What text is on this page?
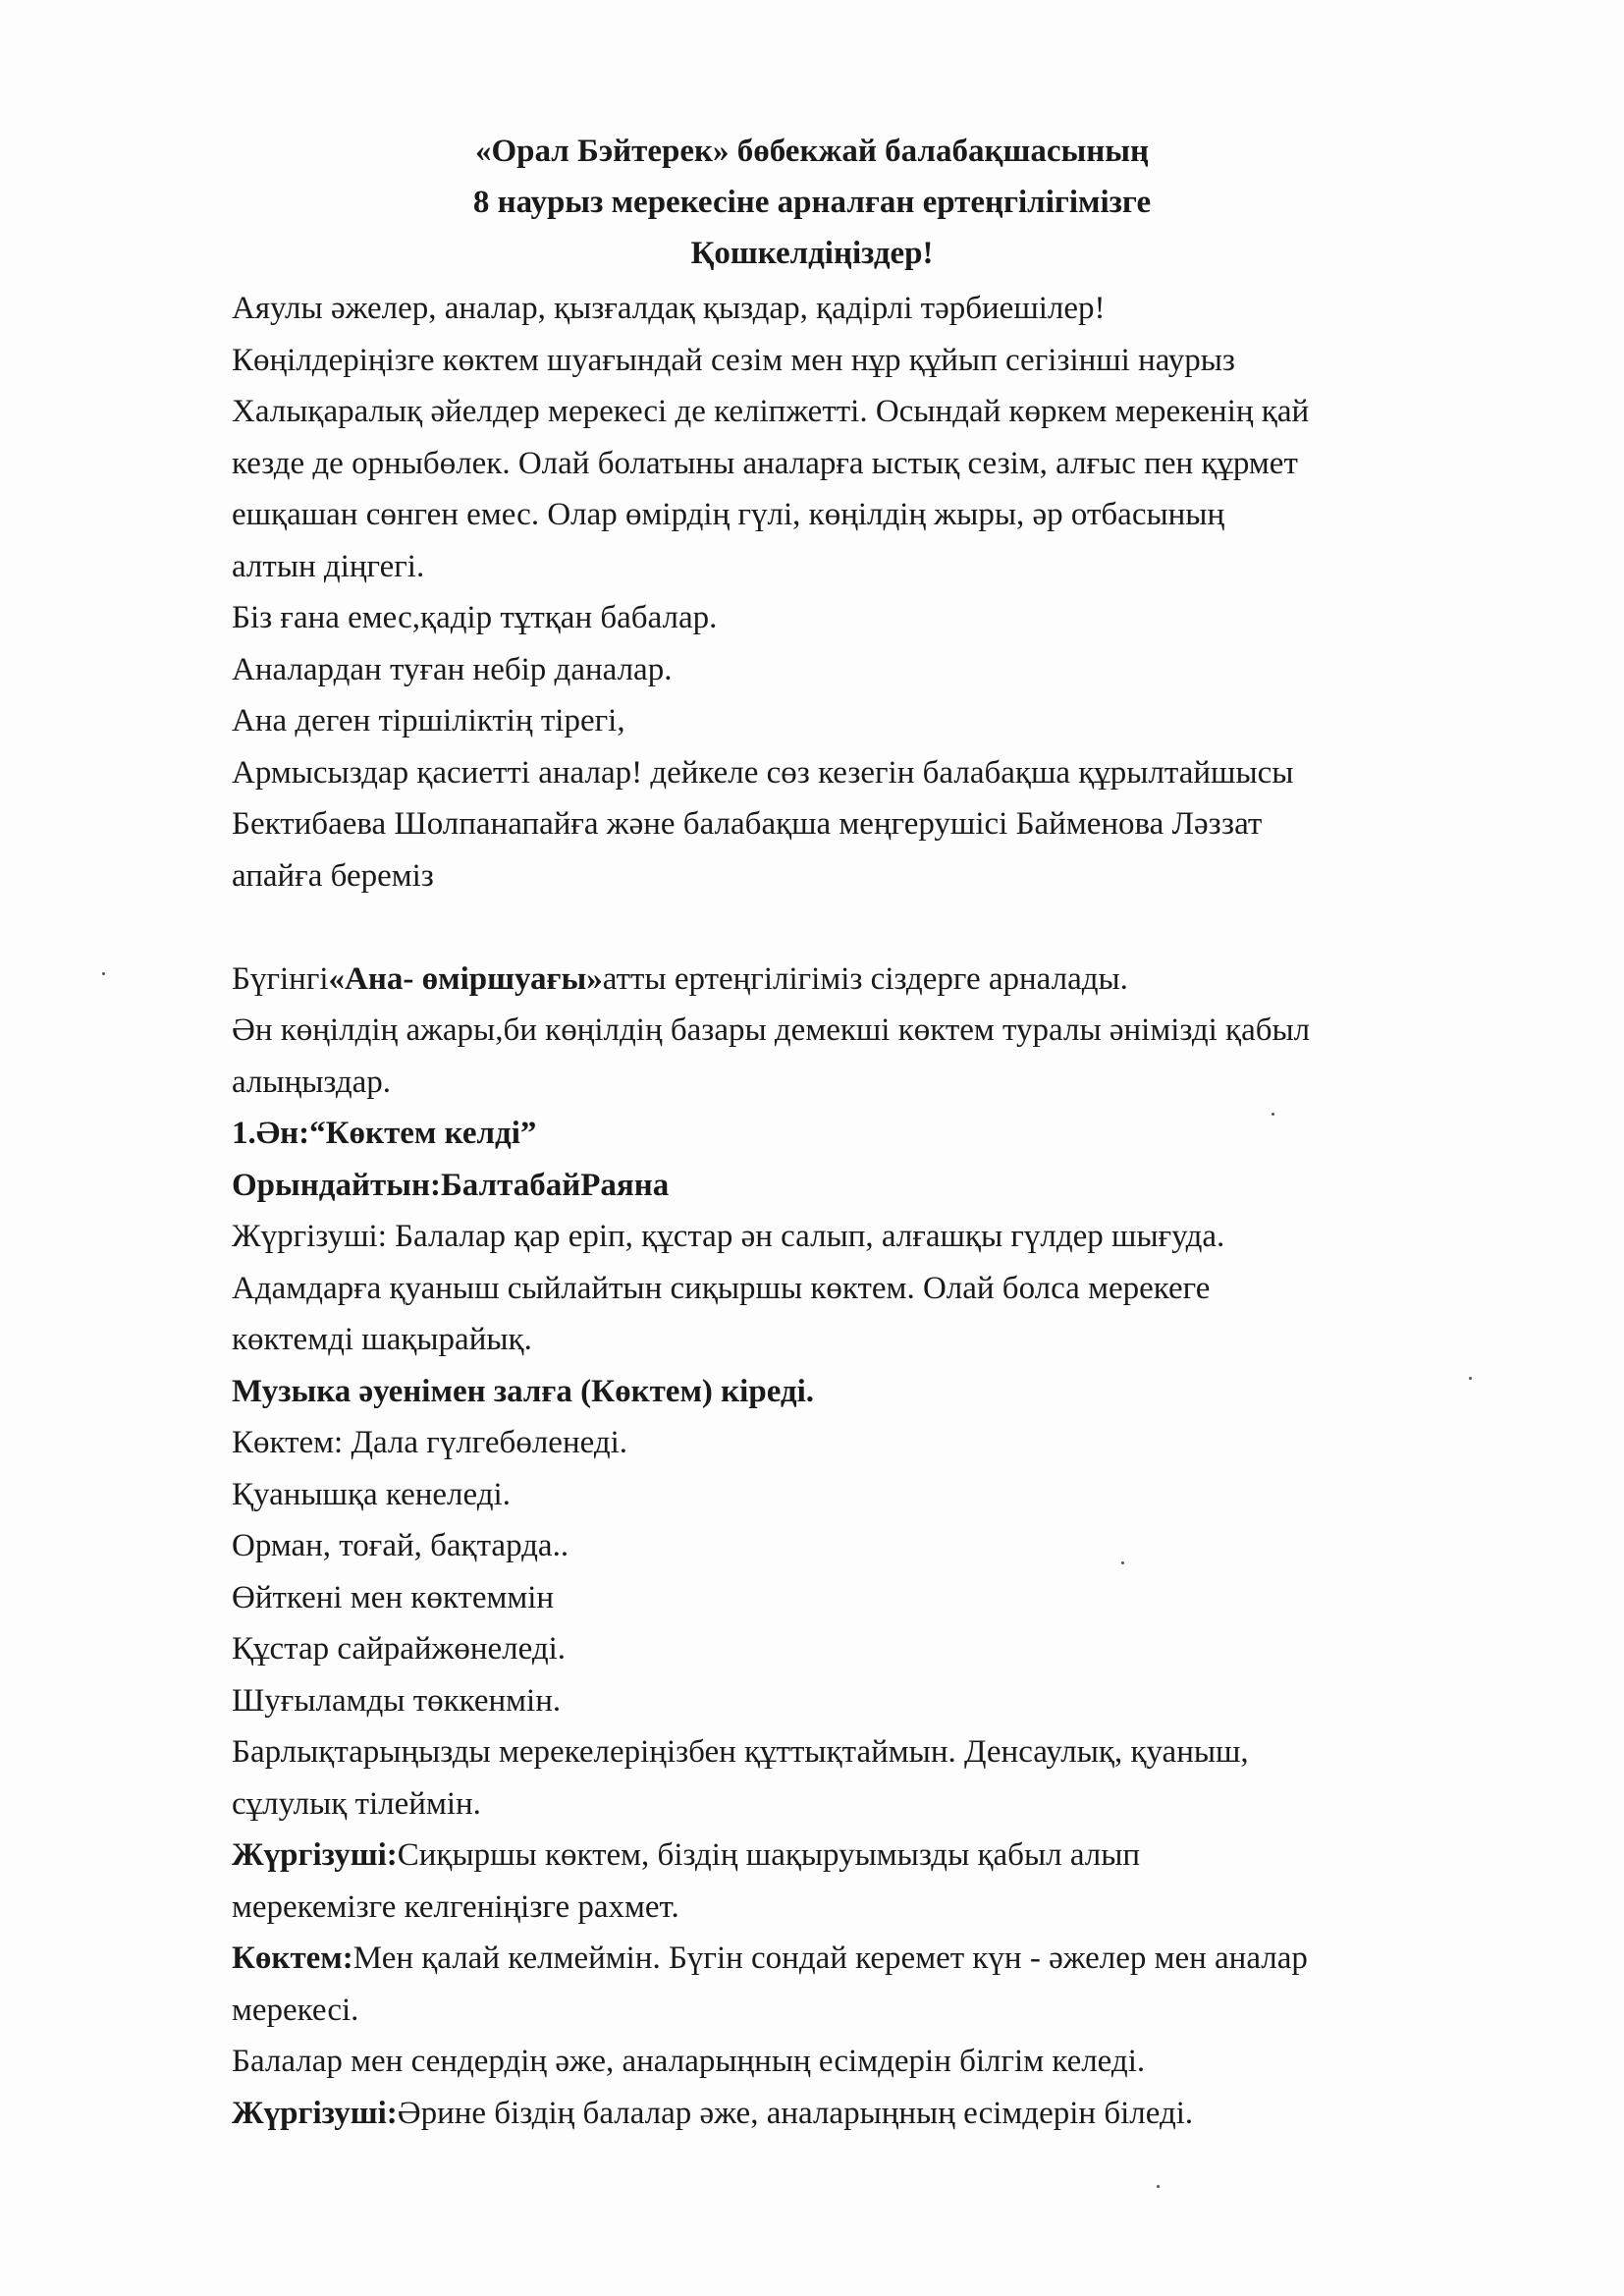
«Орал Бэйтерек» бөбекжай балабақшасының
8 наурыз мерекесіне арналған ертеңгілігімізге
Қошкелдіңіздер!
Аяулы әжелер, аналар, қызғалдақ қыздар, қадірлі тәрбиешілер!
Көңілдеріңізге көктем шуағындай сезім мен нұр құйып сегізінші наурыз
Халықаралық әйелдер мерекесі де келіпжетті. Осындай көркем мерекенің қай
кезде де орныбөлек. Олай болатыны аналарға ыстық сезім, алғыс пен құрмет
ешқашан сөнген емес. Олар өмірдің гүлі, көңілдің жыры, әр отбасының
алтын діңгегі.
Біз ғана емес,қадір тұтқан бабалар.
Аналардан туған небір даналар.
Ана деген тіршіліктің тірегі,
Армысыздар қасиетті аналар! дейкеле сөз кезегін балабақша құрылтайшысы
Бектибаева Шолпанапайға және балабақша меңгерушісі Байменова Ләззат
апайға береміз
Бүгінгі«Ана- өміршуағы»атты ертеңгілігіміз сіздерге арналады.
Ән көңілдің ажары,би көңілдің базары демекші көктем туралы әнімізді қабыл
алыңыздар.
1.Ән:“Көктем келді”
Орындайтын:БалтабайРаяна
Жүргізуші: Балалар қар еріп, құстар ән салып, алғашқы гүлдер шығуда.
Адамдарға қуаныш сыйлайтын сиқыршы көктем. Олай болса мерекеге
көктемді шақырайық.
Музыка әуенімен залға (Көктем) кіреді.
Көктем: Дала гүлгебөленеді.
Қуанышқа кенеледі.
Орман, тоғай, бақтарда..
Өйткені мен көктеммін
Құстар сайрайжөнеледі.
Шуғыламды төккенмін.
Барлықтарыңызды мерекелеріңізбен құттықтаймын. Денсаулық, қуаныш,
сұлулық тілеймін.
Жүргізуші:Сиқыршы көктем, біздің шақыруымызды қабыл алып
мерекемізге келгеніңізге рахмет.
Көктем:Мен қалай келмеймін. Бүгін сондай керемет күн - әжелер мен аналар
мерекесі.
Балалар мен сендердің әже, аналарыңның есімдерін білгім келеді.
Жүргізуші:Әрине біздің балалар әже, аналарыңның есімдерін біледі.
